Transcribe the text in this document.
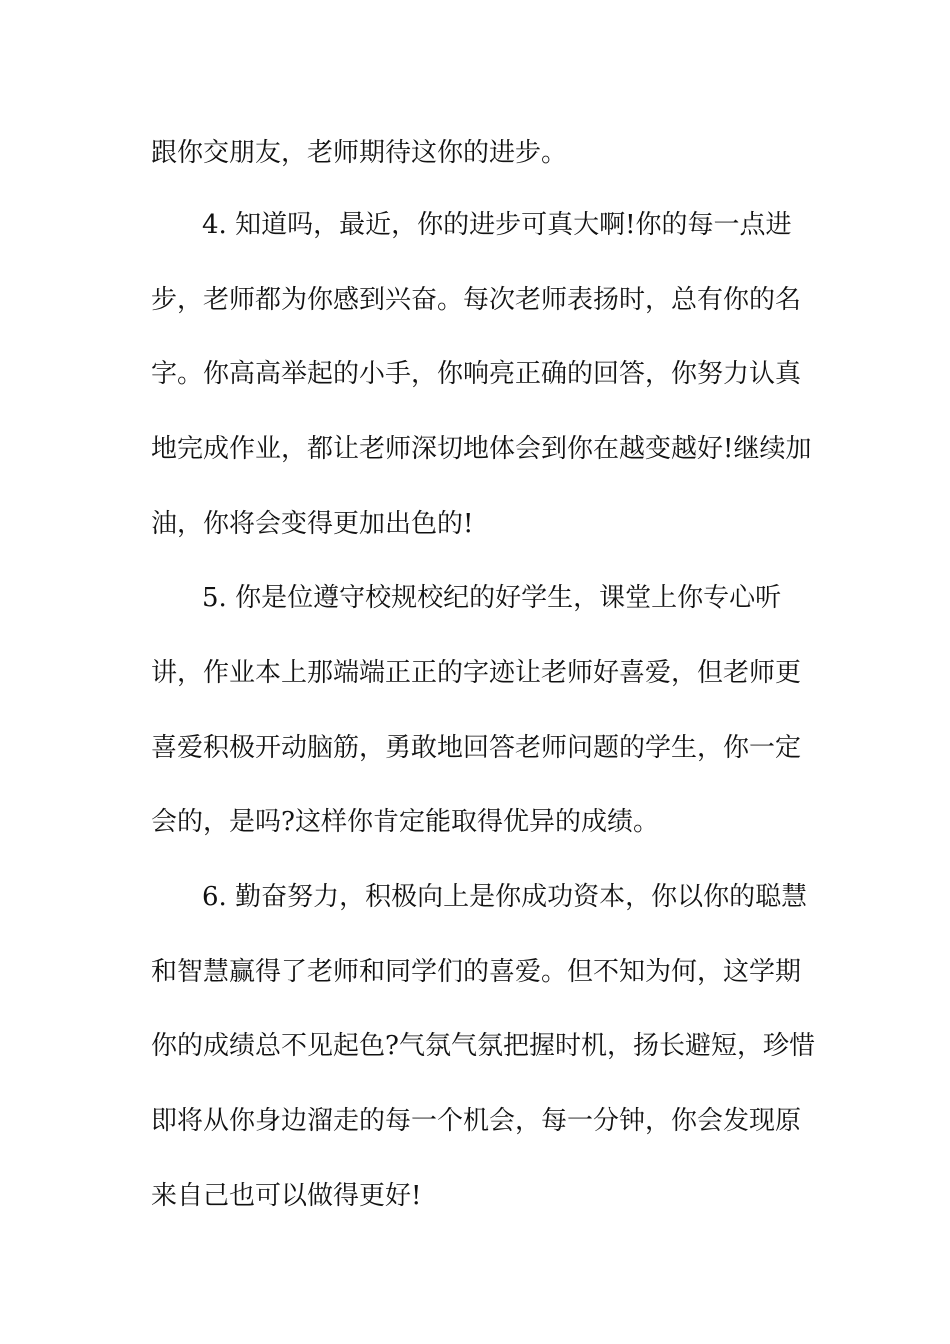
跟你交朋友，老师期待这你的进步。
4. 知道吗，最近，你的进步可真大啊!你的每一点进
步，老师都为你感到兴奋。每次老师表扬时，总有你的名
字。你高高举起的小手，你响亮正确的回答，你努力认真
地完成作业，都让老师深切地体会到你在越变越好!继续加
油，你将会变得更加出色的!
5. 你是位遵守校规校纪的好学生，课堂上你专心听
讲，作业本上那端端正正的字迹让老师好喜爱，但老师更
喜爱积极开动脑筋，勇敢地回答老师问题的学生，你一定
会的，是吗?这样你肯定能取得优异的成绩。
6. 勤奋努力，积极向上是你成功资本，你以你的聪慧
和智慧赢得了老师和同学们的喜爱。但不知为何，这学期
你的成绩总不见起色?气氛气氛把握时机，扬长避短，珍惜
即将从你身边溜走的每一个机会，每一分钟，你会发现原
来自己也可以做得更好!
